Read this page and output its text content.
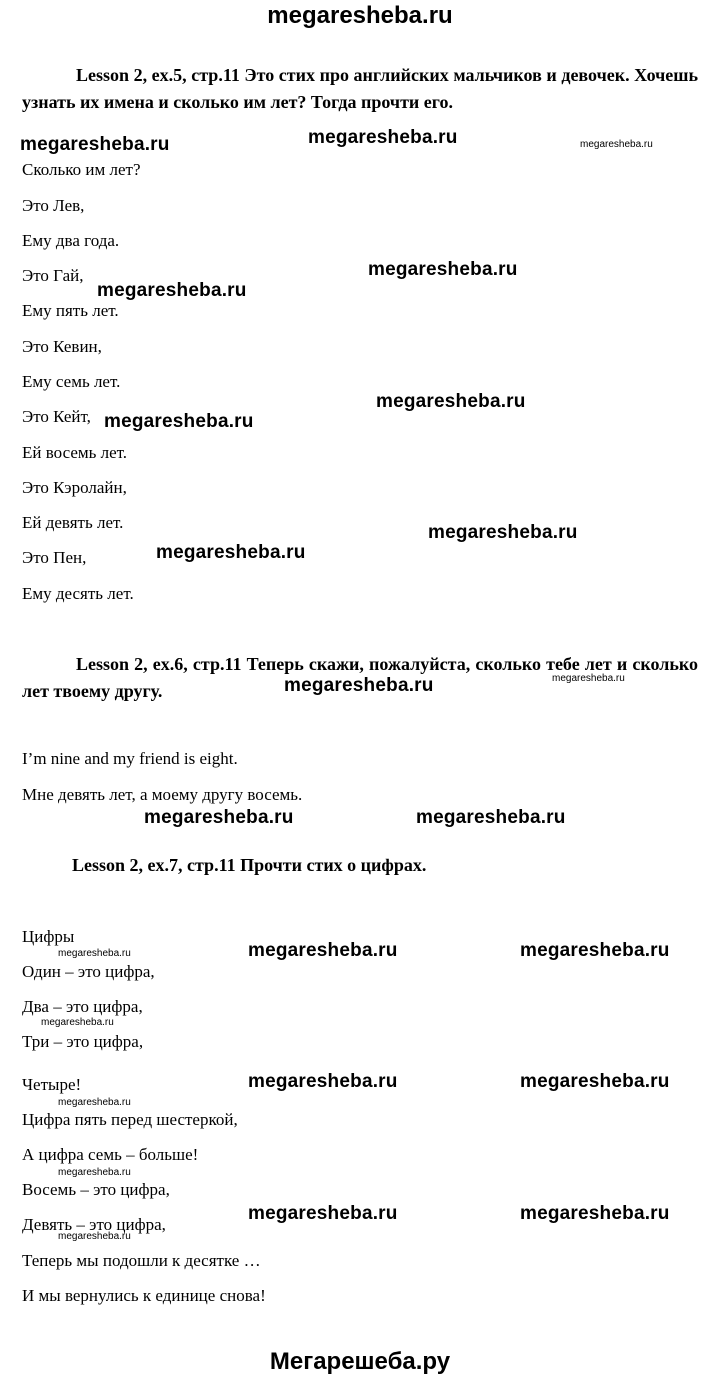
megaresheba.ru
Lesson 2, ex.5, стр.11 Это стих про английских мальчиков и девочек. Хочешь узнать их имена и сколько им лет? Тогда прочти его.
Сколько им лет?
Это Лев,
Ему два года.
Это Гай,
Ему пять лет.
Это Кевин,
Ему семь лет.
Это Кейт,
Ей восемь лет.
Это Кэролайн,
Ей девять лет.
Это Пен,
Ему десять лет.
Lesson 2, ex.6, стр.11 Теперь скажи, пожалуйста, сколько тебе лет и сколько лет твоему другу.
I’m nine and my friend is eight.
Мне девять лет, а моему другу восемь.
Lesson 2, ex.7, стр.11 Прочти стих о цифрах.
Цифры
Один – это цифра,
Два – это цифра,
Три – это цифра,
Четыре!
Цифра пять перед шестеркой,
А цифра семь – больше!
Восемь – это цифра,
Девять – это цифра,
Теперь мы подошли к десятке …
И мы вернулись к единице снова!
megaresheba.ru	megaresheba.ru
megaresheba.ru
megaresheba.ru
megaresheba.ru
megaresheba.ru
megaresheba.ru
megaresheba.ru
megaresheba.ru
megaresheba.ru	megaresheba.ru
megaresheba.ru	megaresheba.ru
megaresheba.ru	megaresheba.ru
megaresheba.ru	megaresheba.ru
megaresheba.ru
megaresheba.ru
megaresheba.ru
megaresheba.ru
megaresheba.ru
megaresheba.ru
megaresheba.ru
Мегарешеба.ру
